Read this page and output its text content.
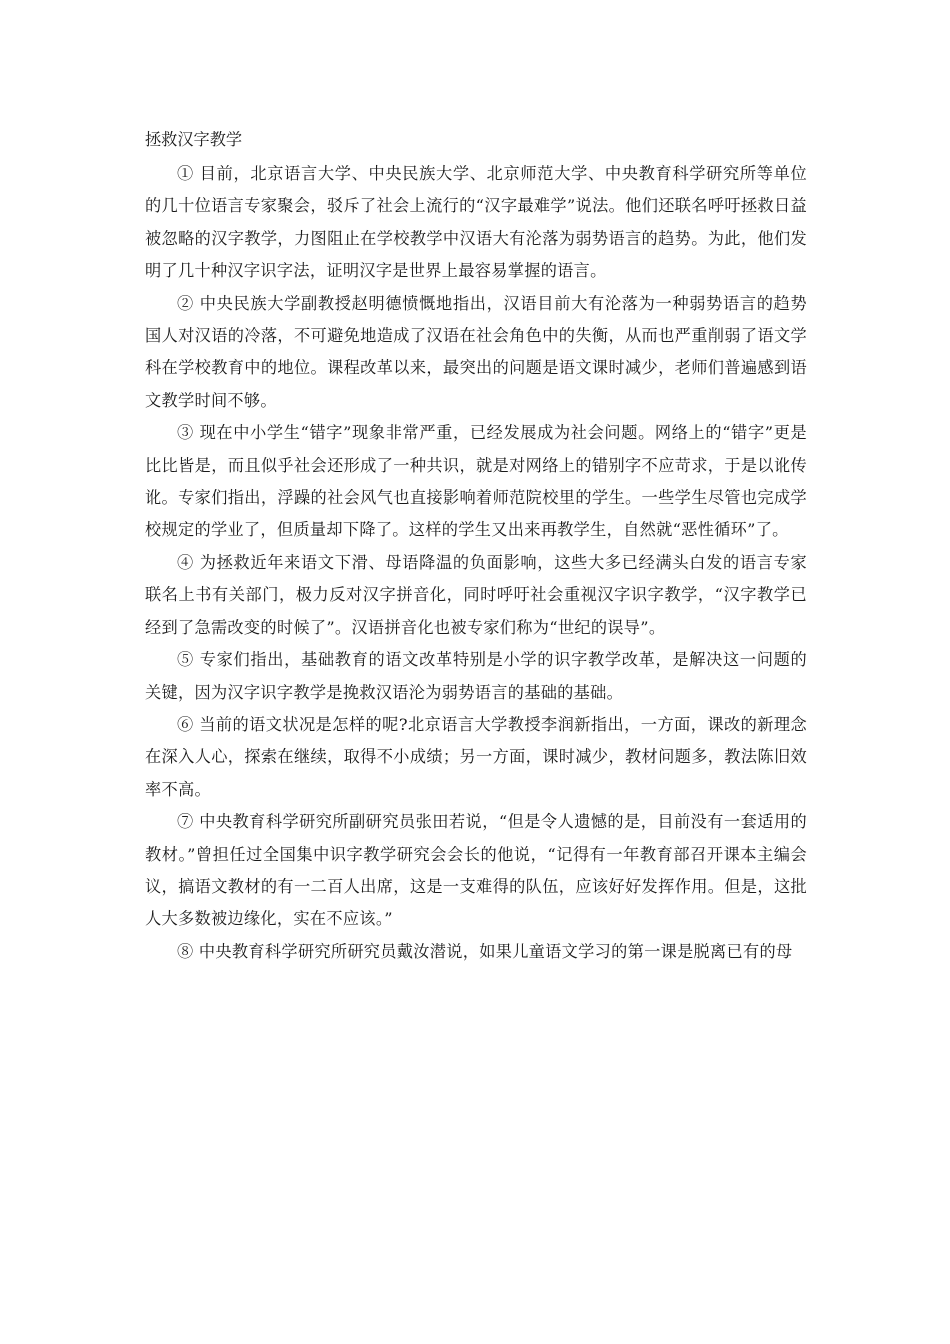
拯救汉字教学

① 目前，北京语言大学、中央民族大学、北京师范大学、中央教育科学研究所等单位的几十位语言专家聚会，驳斥了社会上流行的“汉字最难学”说法。他们还联名呼吁拯救日益被忽略的汉字教学，力图阻止在学校教学中汉语大有沦落为弱势语言的趋势。为此，他们发明了几十种汉字识字法，证明汉字是世界上最容易掌握的语言。

② 中央民族大学副教授赵明德愤慨地指出，汉语目前大有沦落为一种弱势语言的趋势国人对汉语的冷落，不可避免地造成了汉语在社会角色中的失衡，从而也严重削弱了语文学科在学校教育中的地位。课程改革以来，最突出的问题是语文课时减少，老师们普遍感到语文教学时间不够。

③ 现在中小学生“错字”现象非常严重，已经发展成为社会问题。网络上的“错字”更是比比皆是，而且似乎社会还形成了一种共识，就是对网络上的错别字不应苛求，于是以讹传讹。专家们指出，浮躁的社会风气也直接影响着师范院校里的学生。一些学生尽管也完成学校规定的学业了，但质量却下降了。这样的学生又出来再教学生，自然就“恶性循环”了。

④ 为拯救近年来语文下滑、母语降温的负面影响，这些大多已经满头白发的语言专家联名上书有关部门，极力反对汉字拼音化，同时呼吁社会重视汉字识字教学，“汉字教学已经到了急需改变的时候了”。汉语拼音化也被专家们称为“世纪的误导”。

⑤ 专家们指出，基础教育的语文改革特别是小学的识字教学改革，是解决这一问题的关键，因为汉字识字教学是挽救汉语沦为弱势语言的基础的基础。

⑥ 当前的语文状况是怎样的呢?北京语言大学教授李润新指出，一方面，课改的新理念在深入人心，探索在继续，取得不小成绩；另一方面，课时减少，教材问题多，教法陈旧效率不高。

⑦ 中央教育科学研究所副研究员张田若说，“但是令人遗憾的是，目前没有一套适用的教材。”曾担任过全国集中识字教学研究会会长的他说，“记得有一年教育部召开课本主编会议，搞语文教材的有一二百人出席，这是一支难得的队伍，应该好好发挥作用。但是，这批人大多数被边缘化，实在不应该。”

⑧ 中央教育科学研究所研究员戴汝潜说，如果儿童语文学习的第一课是脱离已有的母
